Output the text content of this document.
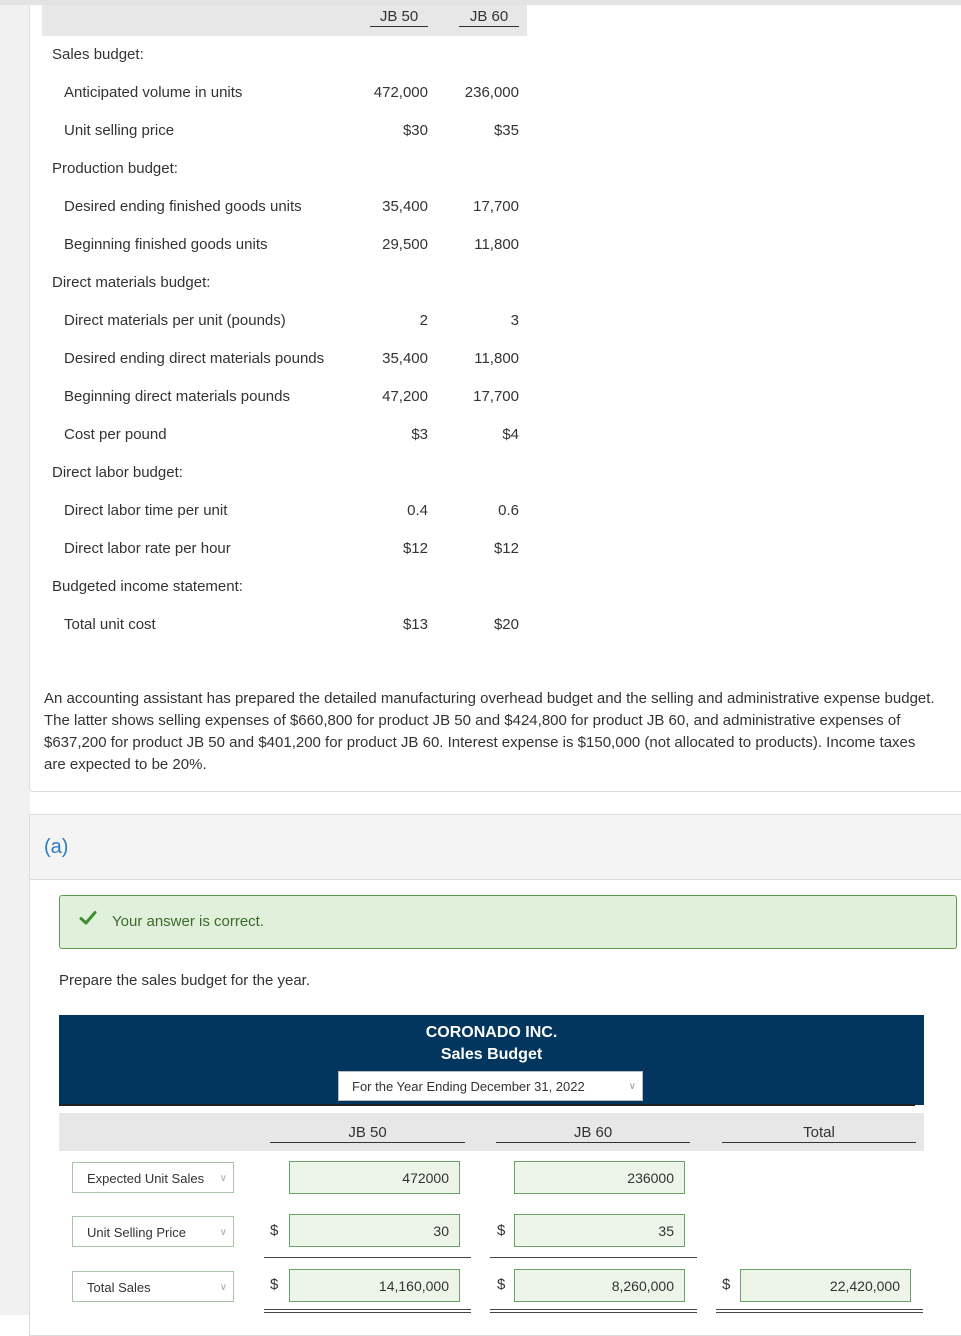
JB 50	JB 60
Sales budget:
Anticipated volume in units	472,000	236,000
Unit selling price	$30	$35
Production budget:
Desired ending finished goods units	35,400	17,700
Beginning finished goods units	29,500	11,800
Direct materials budget:
Direct materials per unit (pounds)	2	3
Desired ending direct materials pounds	35,400	11,800
Beginning direct materials pounds	47,200	17,700
Cost per pound	$3	$4
Direct labor budget:
Direct labor time per unit	0.4	0.6
Direct labor rate per hour	$12	$12
Budgeted income statement:
Total unit cost	$13	$20
An accounting assistant has prepared the detailed manufacturing overhead budget and the selling and administrative expense budget.
The latter shows selling expenses of $660,800 for product JB 50 and $424,800 for product JB 60, and administrative expenses of
$637,200 for product JB 50 and $401,200 for product JB 60. Interest expense is $150,000 (not allocated to products). Income taxes
are expected to be 20%.
(a)
Your answer is correct.
Prepare the sales budget for the year.
CORONADO INC.
Sales Budget
For the Year Ending December 31, 2022	∨
JB 50	JB 60	Total
Expected Unit Sales ∨	472000	236000
Unit Selling Price	∨	$	30	$	35
Total Sales	∨	$	14,160,000	$	8,260,000	$	22,420,000
